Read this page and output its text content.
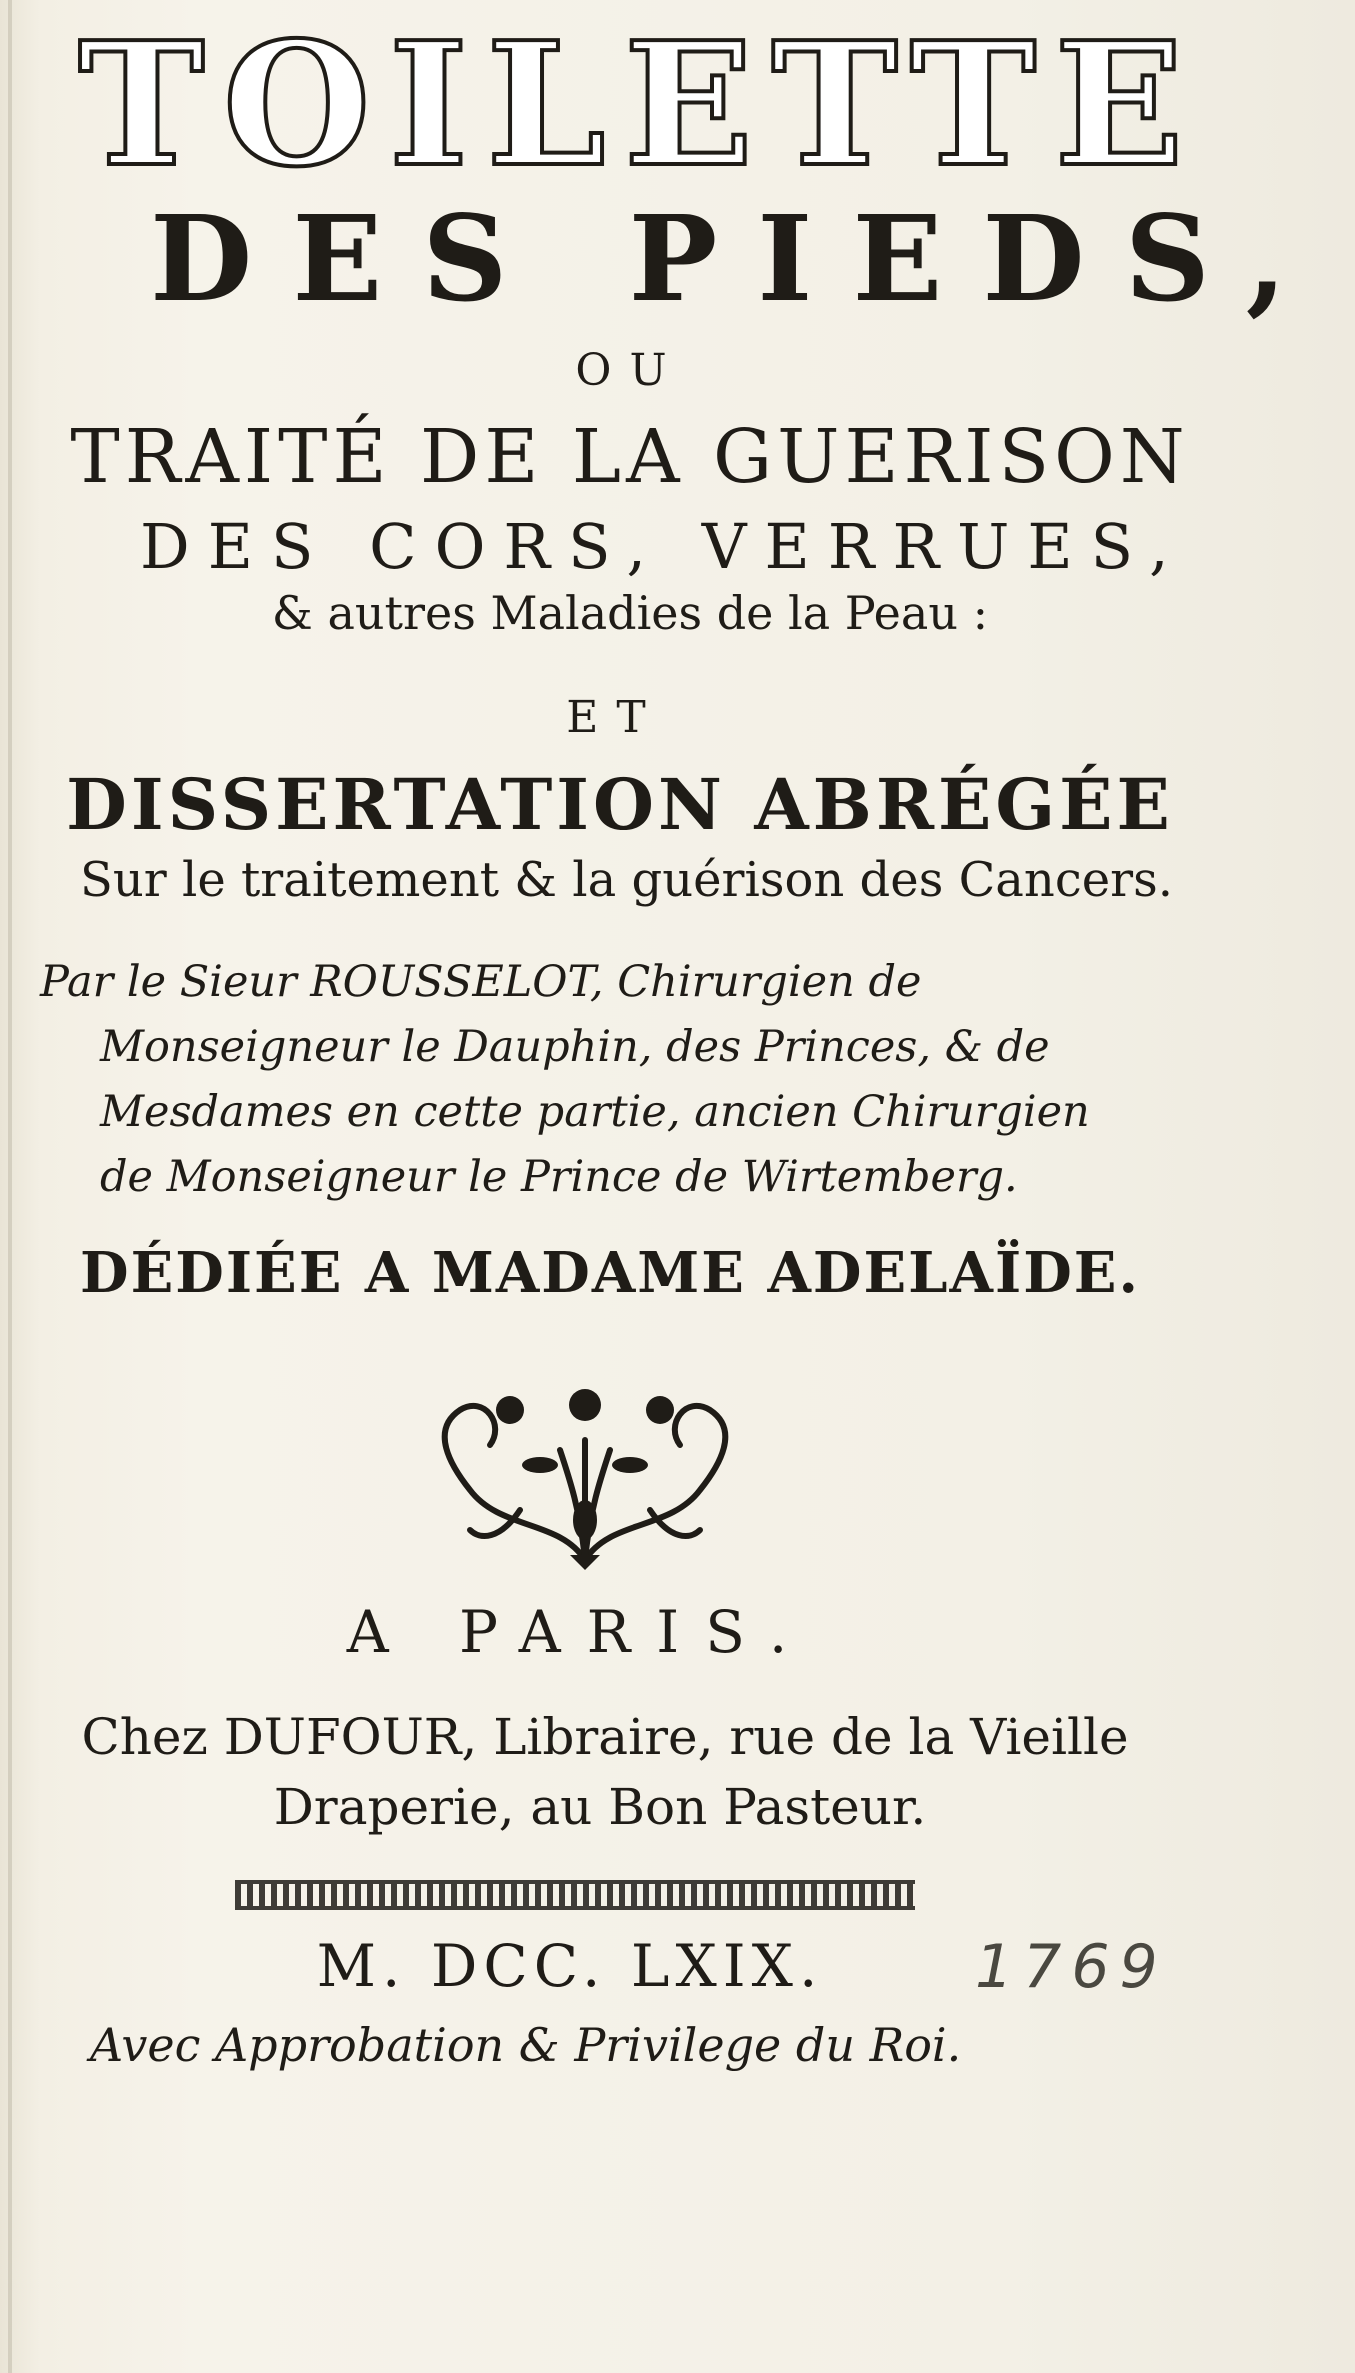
TOILETTE
DES PIEDS,
OU
TRAITÉ DE LA GUERISON
DES CORS, VERRUES,
& autres Maladies de la Peau :
ET
DISSERTATION ABRÉGÉE
Sur le traitement & la guérison des Cancers.
Par le Sieur ROUSSELOT, Chirurgien de
Monseigneur le Dauphin, des Princes, & de
Mesdames en cette partie, ancien Chirurgien
de Monseigneur le Prince de Wirtemberg.
DÉDIÉE A MADAME ADELAÏDE.
A PARIS.
Chez DUFOUR, Libraire, rue de la Vieille
Draperie, au Bon Pasteur.
M. DCC. LXIX.	1769
Avec Approbation & Privilege du Roi.
